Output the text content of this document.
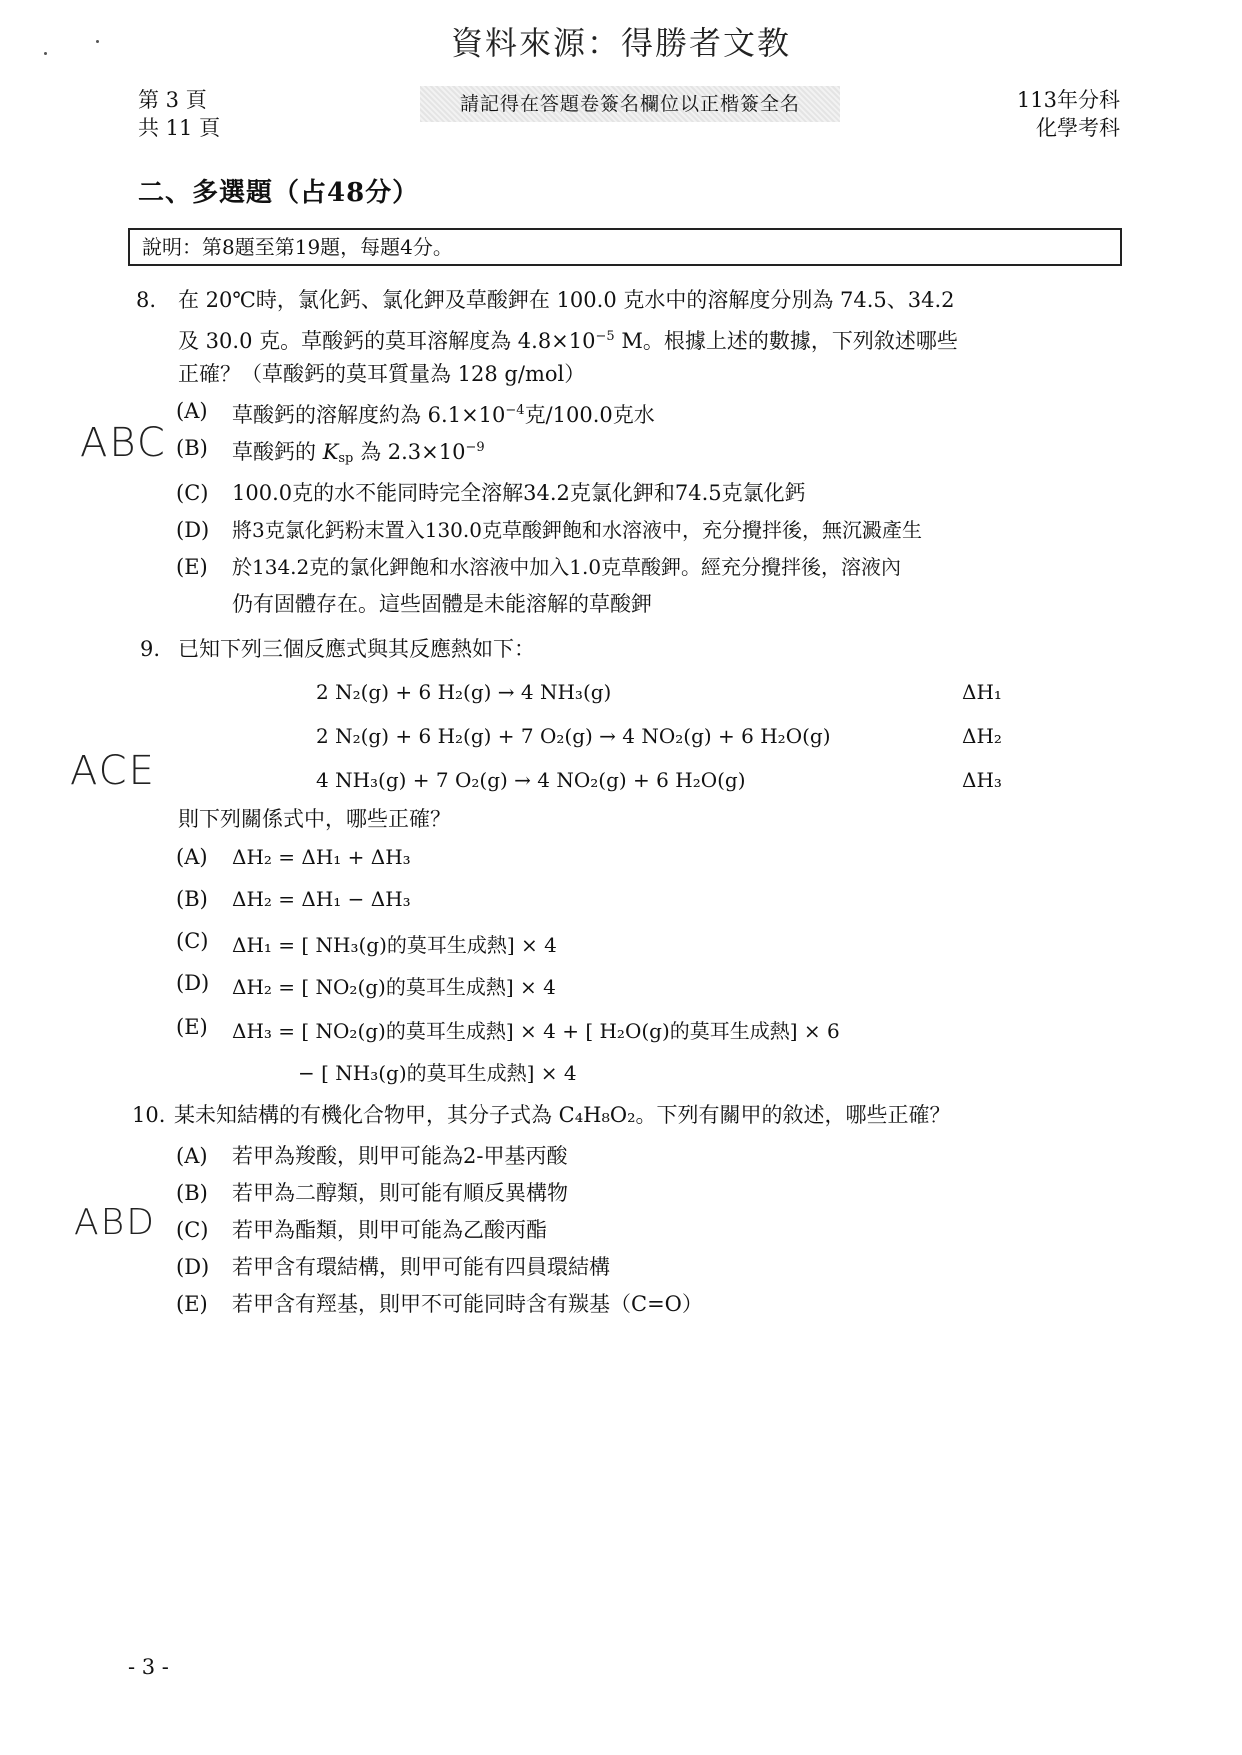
資料來源：得勝者文教
第 3 頁
共 11 頁
請記得在答題卷簽名欄位以正楷簽全名	113年分科
化學考科
二、多選題（占48分）
說明：第8題至第19題，每題4分。
ABC
ACE
ABD
8. 在 20℃時，氯化鈣、氯化鉀及草酸鉀在 100.0 克水中的溶解度分別為 74.5、34.2
及 30.0 克。草酸鈣的莫耳溶解度為 $4.8\times 10^{-5}$ M。根據上述的數據，下列敘述哪些
正確？（草酸鈣的莫耳質量為 128 g/mol）
(A) 草酸鈣的溶解度約為 $6.1\times 10^{-4}$克/100.0克水
(B) 草酸鈣的 $K_{sp}$ 為 $2.3\times 10^{-9}$
(C) 100.0克的水不能同時完全溶解34.2克氯化鉀和74.5克氯化鈣
(D) 將3克氯化鈣粉末置入130.0克草酸鉀飽和水溶液中，充分攪拌後，無沉澱產生
(E) 於134.2克的氯化鉀飽和水溶液中加入1.0克草酸鉀。經充分攪拌後，溶液內
仍有固體存在。這些固體是未能溶解的草酸鉀
9. 已知下列三個反應式與其反應熱如下：
2 N₂(g) + 6 H₂(g) → 4 NH₃(g)	ΔH₁
2 N₂(g) + 6 H₂(g) + 7 O₂(g) → 4 NO₂(g) + 6 H₂O(g)	ΔH₂
4 NH₃(g) + 7 O₂(g) → 4 NO₂(g) + 6 H₂O(g)	ΔH₃
則下列關係式中，哪些正確？
(A) ΔH₂ = ΔH₁ + ΔH₃
(B) ΔH₂ = ΔH₁ − ΔH₃
(C) ΔH₁ = [ NH₃(g)的莫耳生成熱] × 4
(D) ΔH₂ = [ NO₂(g)的莫耳生成熱] × 4
(E) ΔH₃ = [ NO₂(g)的莫耳生成熱] × 4 + [ H₂O(g)的莫耳生成熱] × 6
− [ NH₃(g)的莫耳生成熱] × 4
10. 某未知結構的有機化合物甲，其分子式為 C₄H₈O₂。下列有關甲的敘述，哪些正確？
(A) 若甲為羧酸，則甲可能為2-甲基丙酸
(B) 若甲為二醇類，則可能有順反異構物
(C) 若甲為酯類，則甲可能為乙酸丙酯
(D) 若甲含有環結構，則甲可能有四員環結構
(E) 若甲含有羥基，則甲不可能同時含有羰基（C=O）
- 3 -
